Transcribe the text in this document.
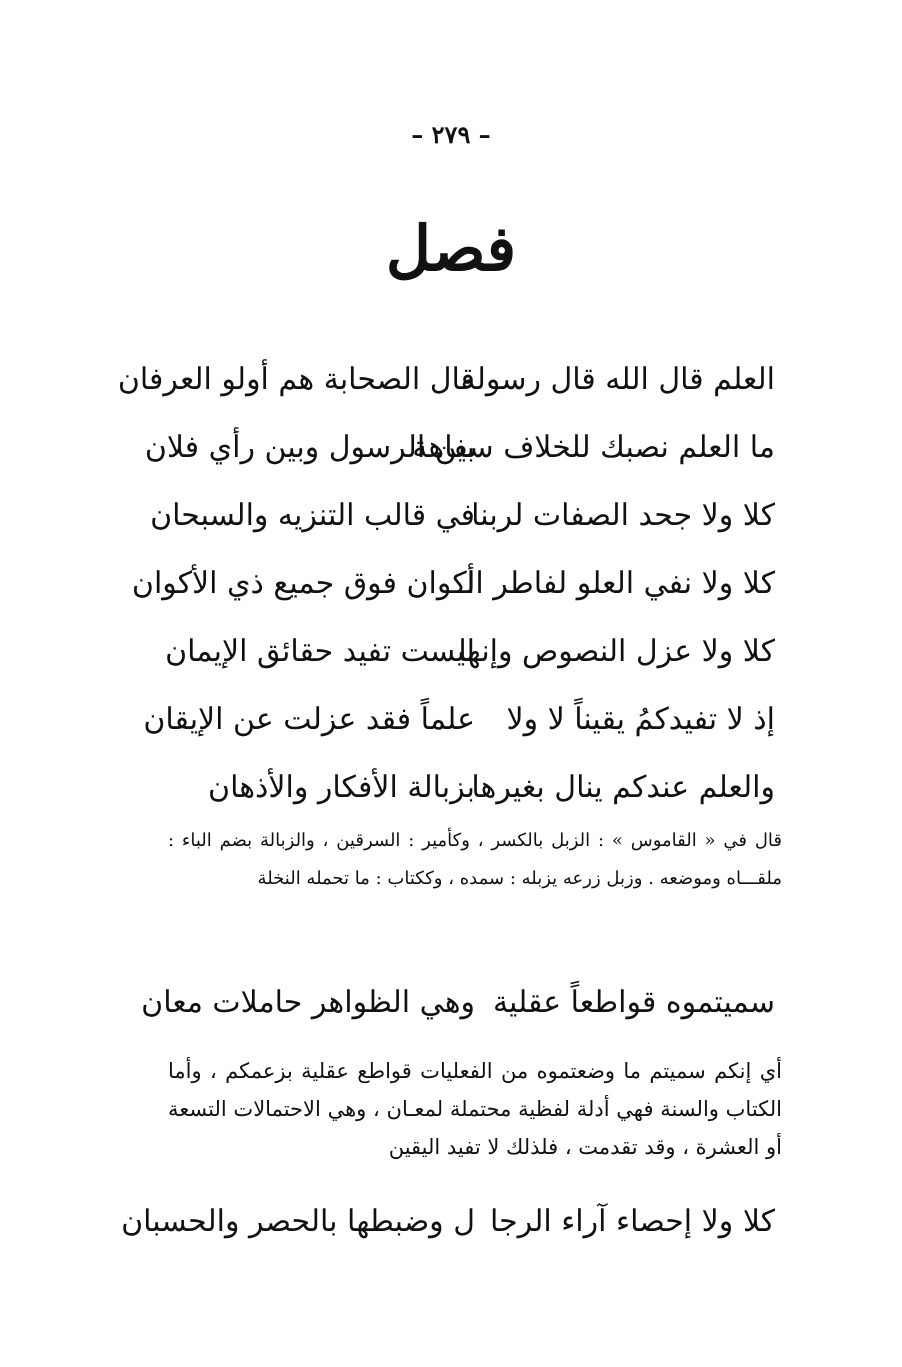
– ٢٧٩ –
فصل
العلم قال الله قال رسوله
قال الصحابة هم أولو العرفان
ما العلم نصبك للخلاف سفاهة
بين الرسول وبين رأي فلان
كلا ولا جحد الصفات لربنا
في قالب التنزيه والسبحان
كلا ولا نفي العلو لفاطر الـ
أكوان فوق جميع ذي الأكوان
كلا ولا عزل النصوص وإنها
ليست تفيد حقائق الإيمان
إذ لا تفيدكمُ يقيناً لا ولا
علماً فقد عزلت عن الإيقان
والعلم عندكم ينال بغيرها
بزبالة الأفكار والأذهان
قال في « القاموس » : الزبل بالكسر ، وكأمير : السرقين ، والزبالة بضم الباء : ملقـــاه وموضعه . وزبل زرعه يزبله : سمده ، وككتاب : ما تحمله النخلة
سميتموه قواطعاً عقلية
وهي الظواهر حاملات معان
أي إنكم سميتم ما وضعتموه من الفعليات قواطع عقلية بزعمكم ، وأما الكتاب والسنة فهي أدلة لفظية محتملة لمعـان ، وهي الاحتمالات التسعة أو العشرة ، وقد تقدمت ، فلذلك لا تفيد اليقين
كلا ولا إحصاء آراء الرجا
ل وضبطها بالحصر والحسبان
